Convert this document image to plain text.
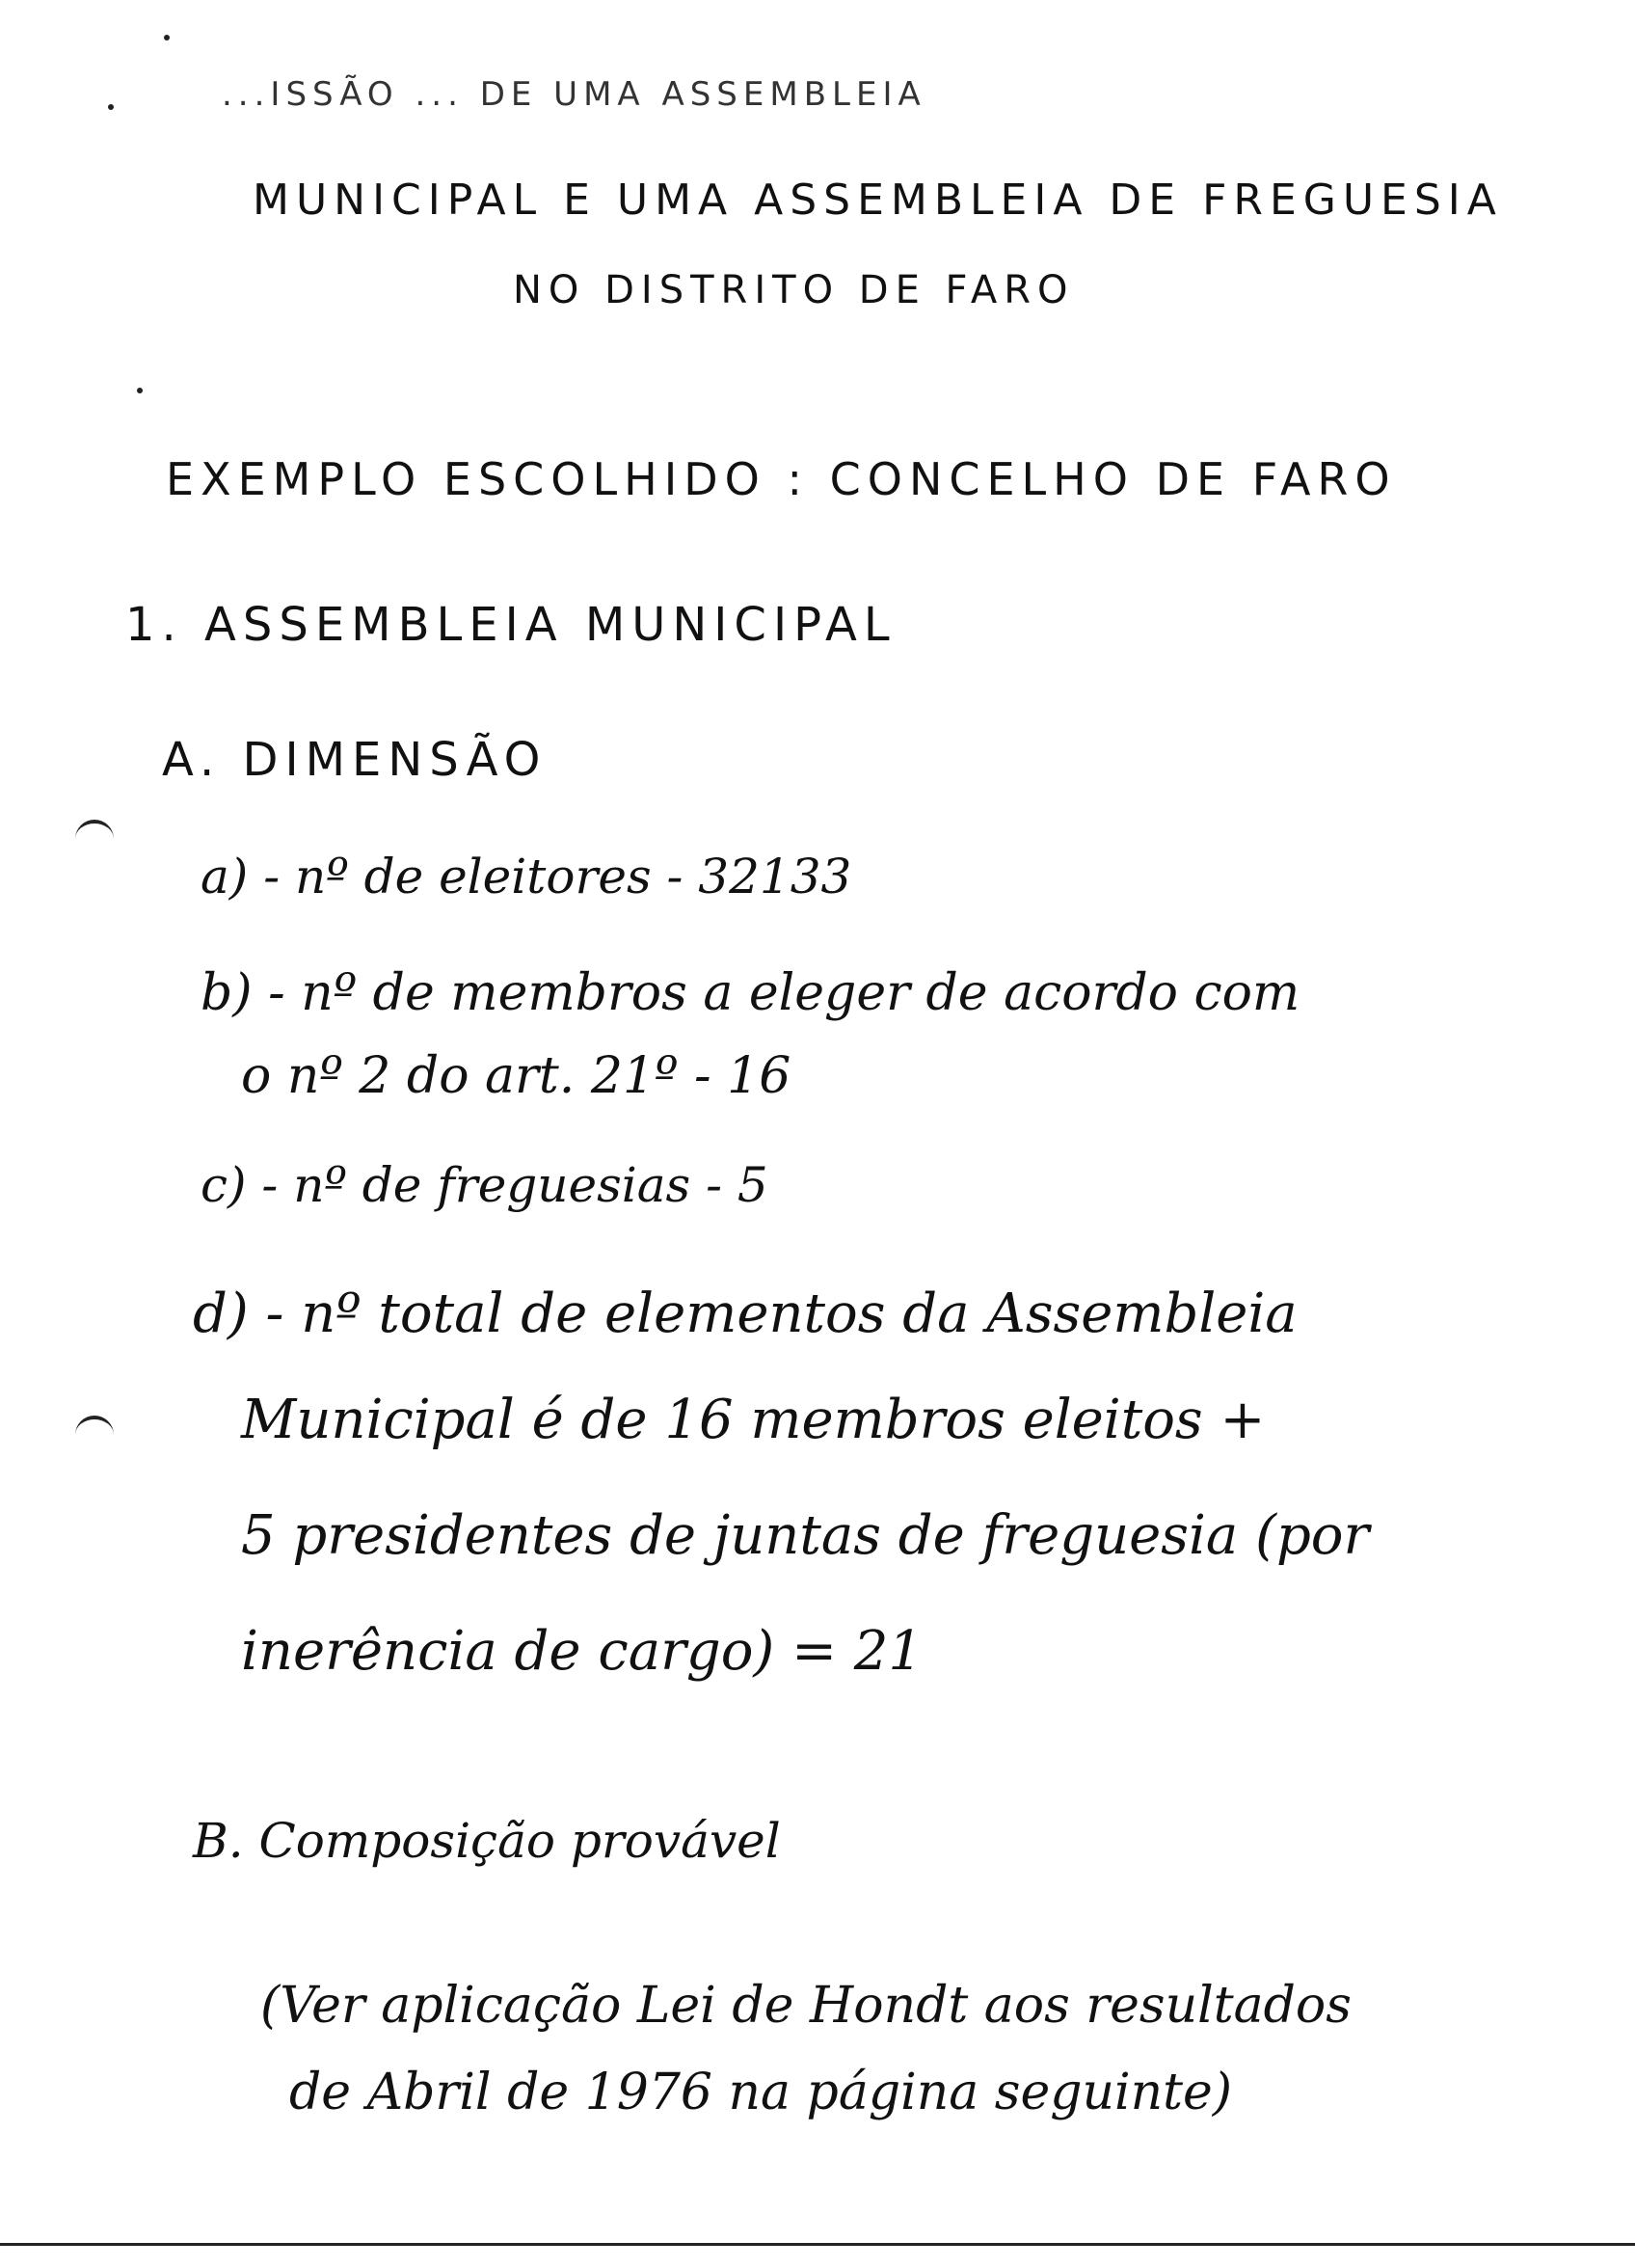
...ISSÃO ... DE UMA ASSEMBLEIA
MUNICIPAL E UMA ASSEMBLEIA DE FREGUESIA
NO DISTRITO DE FARO
EXEMPLO ESCOLHIDO : CONCELHO DE FARO
1. ASSEMBLEIA MUNICIPAL
A. DIMENSÃO
a) - nº de eleitores - 32133
b) - nº de membros a eleger de acordo com
o nº 2 do art. 21º - 16
c) - nº de freguesias - 5
d) - nº total de elementos da Assembleia
Municipal é de 16 membros eleitos +
5 presidentes de juntas de freguesia (por
inerência de cargo) = 21
B. Composição provável
(Ver aplicação Lei de Hondt aos resultados
de Abril de 1976 na página seguinte)
